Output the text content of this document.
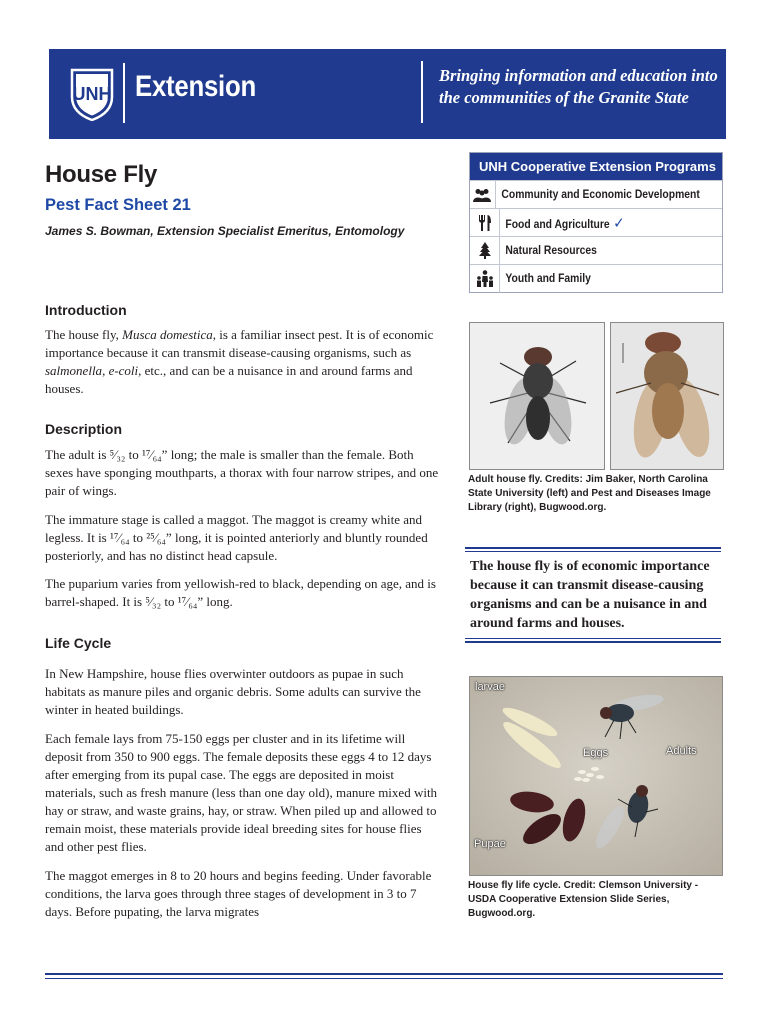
UNH Extension	Bringing information and education into the communities of the Granite State
House Fly
Pest Fact Sheet 21
James S. Bowman, Extension Specialist Emeritus, Entomology
Introduction
The house fly, Musca domestica, is a familiar insect pest. It is of economic importance because it can transmit disease-causing organisms, such as salmonella, e-coli, etc., and can be a nuisance in and around farms and houses.
Description
The adult is ⁵⁄₃₂ to ¹⁷⁄₆₄” long; the male is smaller than the female. Both sexes have sponging mouthparts, a thorax with four narrow stripes, and one pair of wings.
The immature stage is called a maggot. The maggot is creamy white and legless. It is ¹⁷⁄₆₄ to ²⁵⁄₆₄” long, it is pointed anteriorly and bluntly rounded posteriorly, and has no distinct head capsule.
The puparium varies from yellowish-red to black, depending on age, and is barrel-shaped. It is ⁵⁄₃₂ to ¹⁷⁄₆₄” long.
Life Cycle
In New Hampshire, house flies overwinter outdoors as pupae in such habitats as manure piles and organic debris. Some adults can survive the winter in heated buildings.
Each female lays from 75-150 eggs per cluster and in its lifetime will deposit from 350 to 900 eggs. The female deposits these eggs 4 to 12 days after emerging from its pupal case. The eggs are deposited in moist materials, such as fresh manure (less than one day old), manure mixed with hay or straw, and waste grains, hay, or straw. When piled up and allowed to remain moist, these materials provide ideal breeding sites for house flies and other pest flies.
The maggot emerges in 8 to 20 hours and begins feeding. Under favorable conditions, the larva goes through three stages of development in 3 to 7 days. Before pupating, the larva migrates
UNH Cooperative Extension Programs
Community and Economic Development
Food and Agriculture ✓
Natural Resources
Youth and Family
Adult house fly. Credits: Jim Baker, North Carolina State University (left) and Pest and Diseases Image Library (right), Bugwood.org.
The house fly is of economic importance because it can transmit disease-causing organisms and can be a nuisance in and around farms and houses.
larvae
Eggs	Adults
Pupae
House fly life cycle. Credit: Clemson University - USDA Cooperative Extension Slide Series, Bugwood.org.
